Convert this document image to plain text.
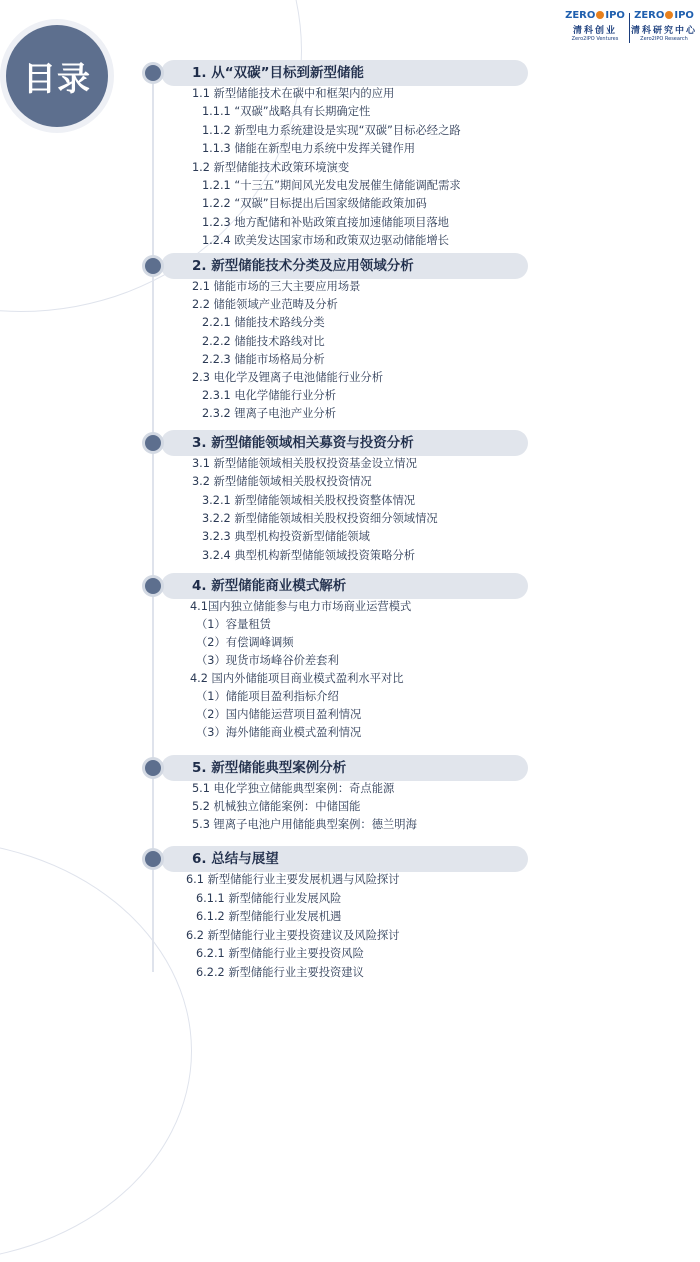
目录
ZERO IPO
清科创业
Zero2IPO Ventures
ZERO IPO
清科研究中心
Zero2IPO Research
1. 从“双碳”目标到新型储能
1.1 新型储能技术在碳中和框架内的应用
1.1.1 “双碳”战略具有长期确定性
1.1.2 新型电力系统建设是实现“双碳”目标必经之路
1.1.3 储能在新型电力系统中发挥关键作用
1.2 新型储能技术政策环境演变
1.2.1 “十三五”期间风光发电发展催生储能调配需求
1.2.2 “双碳”目标提出后国家级储能政策加码
1.2.3 地方配储和补贴政策直接加速储能项目落地
1.2.4 欧美发达国家市场和政策双边驱动储能增长
2. 新型储能技术分类及应用领域分析
2.1 储能市场的三大主要应用场景
2.2 储能领域产业范畴及分析
2.2.1 储能技术路线分类
2.2.2 储能技术路线对比
2.2.3 储能市场格局分析
2.3 电化学及锂离子电池储能行业分析
2.3.1 电化学储能行业分析
2.3.2 锂离子电池产业分析
3. 新型储能领域相关募资与投资分析
3.1 新型储能领域相关股权投资基金设立情况
3.2 新型储能领域相关股权投资情况
3.2.1 新型储能领域相关股权投资整体情况
3.2.2 新型储能领域相关股权投资细分领域情况
3.2.3 典型机构投资新型储能领域
3.2.4 典型机构新型储能领域投资策略分析
4. 新型储能商业模式解析
4.1国内独立储能参与电力市场商业运营模式
（1）容量租赁
（2）有偿调峰调频
（3）现货市场峰谷价差套利
4.2 国内外储能项目商业模式盈利水平对比
（1）储能项目盈利指标介绍
（2）国内储能运营项目盈利情况
（3）海外储能商业模式盈利情况
5. 新型储能典型案例分析
5.1 电化学独立储能典型案例：奇点能源
5.2 机械独立储能案例：中储国能
5.3 锂离子电池户用储能典型案例：德兰明海
6. 总结与展望
6.1 新型储能行业主要发展机遇与风险探讨
6.1.1 新型储能行业发展风险
6.1.2 新型储能行业发展机遇
6.2 新型储能行业主要投资建议及风险探讨
6.2.1 新型储能行业主要投资风险
6.2.2 新型储能行业主要投资建议
